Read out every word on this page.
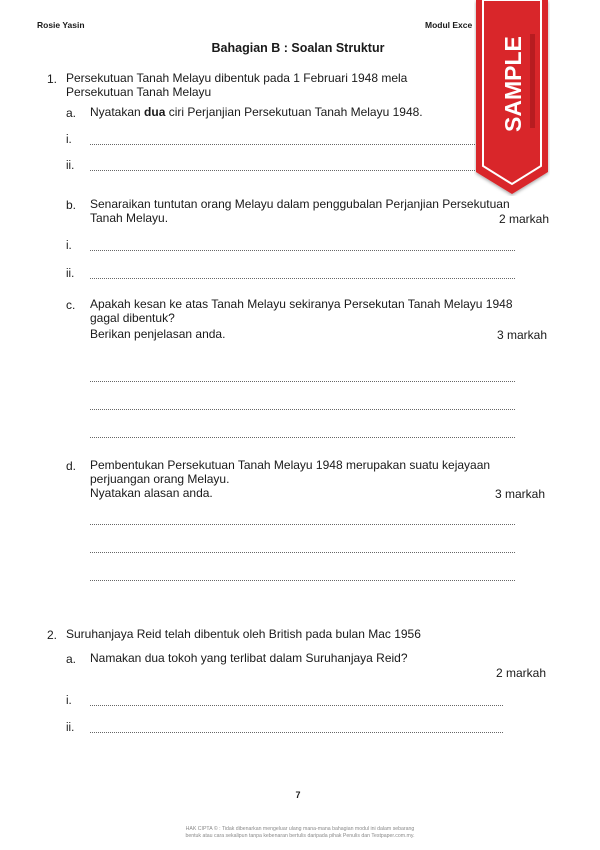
Rosie Yasin	Modul Exce
Bahagian B : Soalan Struktur
1. Persekutuan Tanah Melayu dibentuk pada 1 Februari 1948 mela
Persekutuan Tanah Melayu
a. Nyatakan dua ciri Perjanjian Persekutuan Tanah Melayu 1948.
i.
ii.
b. Senaraikan tuntutan orang Melayu dalam penggubalan Perjanjian Persekutuan
Tanah Melayu.	2 markah
i.
ii.
c. Apakah kesan ke atas Tanah Melayu sekiranya Persekutan Tanah Melayu 1948
gagal dibentuk?
Berikan penjelasan anda.	3 markah
d. Pembentukan Persekutuan Tanah Melayu 1948 merupakan suatu kejayaan
perjuangan orang Melayu.
Nyatakan alasan anda.	3 markah
2. Suruhanjaya Reid telah dibentuk oleh British pada bulan Mac 1956
a. Namakan dua tokoh yang terlibat dalam Suruhanjaya Reid?
2 markah
i.
ii.
7
HAK CIPTA © : Tidak dibenarkan mengeluar ulang mana-mana bahagian modul ini dalam sebarang
bentuk atau cara sekalipun tanpa kebenaran bertulis daripada pihak Penulis dan Testpaper.com.my.
SAMPLE
